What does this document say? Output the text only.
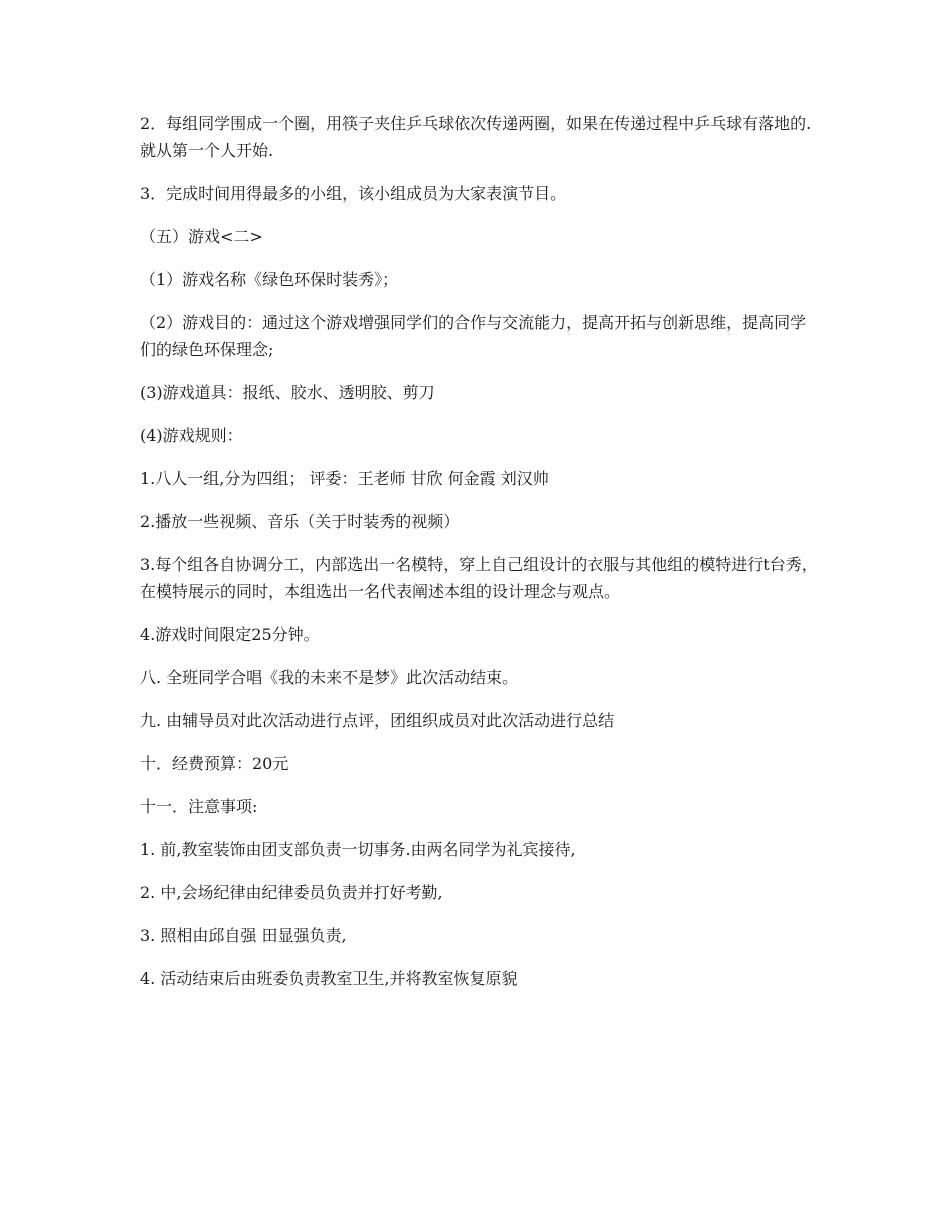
2．每组同学围成一个圈，用筷子夹住乒乓球依次传递两圈，如果在传递过程中乒乓球有落地的.就从第一个人开始.

3．完成时间用得最多的小组，该小组成员为大家表演节目。

（五）游戏<二>

（1）游戏名称《绿色环保时装秀》；

（2）游戏目的：通过这个游戏增强同学们的合作与交流能力，提高开拓与创新思维，提高同学们的绿色环保理念;

(3)游戏道具：报纸、胶水、透明胶、剪刀

(4)游戏规则：

1.八人一组,分为四组； 评委：王老师 甘欣 何金霞 刘汉帅

2.播放一些视频、音乐（关于时装秀的视频）

3.每个组各自协调分工，内部选出一名模特，穿上自己组设计的衣服与其他组的模特进行t台秀，在模特展示的同时，本组选出一名代表阐述本组的设计理念与观点。

4.游戏时间限定25分钟。

八. 全班同学合唱《我的未来不是梦》此次活动结束。

九. 由辅导员对此次活动进行点评，团组织成员对此次活动进行总结

十．经费预算：20元

十一．注意事项:

1. 前,教室装饰由团支部负责一切事务.由两名同学为礼宾接待,

2. 中,会场纪律由纪律委员负责并打好考勤,

3. 照相由邱自强 田显强负责,

4. 活动结束后由班委负责教室卫生,并将教室恢复原貌
